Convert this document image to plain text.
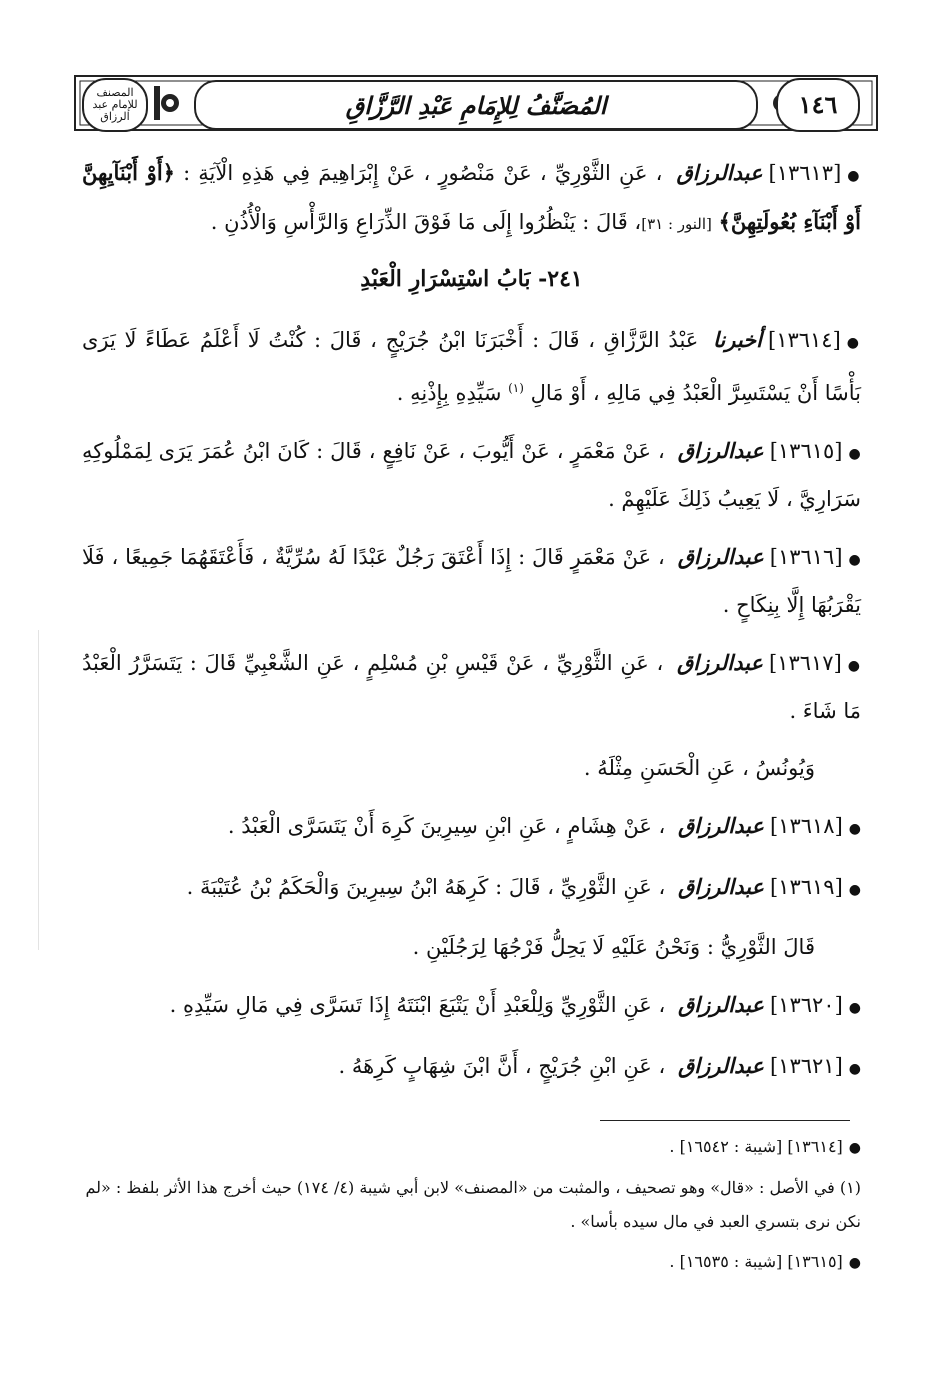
المصنف للإمام عبد الرزاق	المُصَنَّفُ لِلإِمَامِ عَبْدِ الرَّزَّاقِ	١٤٦

●[١٣٦١٣]عبدالرزاق ، عَنِ الثَّوْرِيِّ ، عَنْ مَنْصُورٍ ، عَنْ إِبْرَاهِيمَ فِي هَذِهِ الْآيَةِ : ﴿أَوْ أَبْنَآيِهِنَّ أَوْ أَبْنَآءِ بُعُولَتِهِنَّ﴾ [النور : ٣١]، قَالَ : يَنْظُرُوا إِلَى مَا فَوْقَ الذِّرَاعِ وَالرَّأْسِ وَالْأُذُنِ .

٢٤١- بَابُ اسْتِسْرَارِ الْعَبْدِ

●[١٣٦١٤]أخبرنا عَبْدُ الرَّزَّاقِ ، قَالَ : أَخْبَرَنَا ابْنُ جُرَيْجٍ ، قَالَ : كُنْتُ لَا أَعْلَمُ عَطَاءً لَا يَرَى بَأْسًا أَنْ يَسْتَسِرَّ الْعَبْدُ فِي مَالِهِ ، أَوْ مَالِ $^{(١)}$ سَيِّدِهِ بِإِذْنِهِ .

●[١٣٦١٥]عبدالرزاق ، عَنْ مَعْمَرٍ ، عَنْ أَيُّوبَ ، عَنْ نَافِعٍ ، قَالَ : كَانَ ابْنُ عُمَرَ يَرَى لِمَمْلُوكِهِ سَرَارِيَّ ، لَا يَعِيبُ ذَلِكَ عَلَيْهِمْ .

●[١٣٦١٦]عبدالرزاق ، عَنْ مَعْمَرٍ قَالَ : إِذَا أَعْتَقَ رَجُلٌ عَبْدًا لَهُ سُرِّيَّةٌ ، فَأَعْتَقَهُمَا جَمِيعًا ، فَلَا يَقْرَبُهَا إِلَّا بِنِكَاحٍ .

●[١٣٦١٧]عبدالرزاق ، عَنِ الثَّوْرِيِّ ، عَنْ قَيْسِ بْنِ مُسْلِمٍ ، عَنِ الشَّعْبِيِّ قَالَ : يَتَسَرَّرُ الْعَبْدُ مَا شَاءَ .

وَيُونُسُ ، عَنِ الْحَسَنِ مِثْلَهُ .

●[١٣٦١٨]عبدالرزاق ، عَنْ هِشَامٍ ، عَنِ ابْنِ سِيرِينَ كَرِهَ أَنْ يَتَسَرَّى الْعَبْدُ .

●[١٣٦١٩]عبدالرزاق ، عَنِ الثَّوْرِيِّ ، قَالَ : كَرِهَهُ ابْنُ سِيرِينَ وَالْحَكَمُ بْنُ عُتَيْبَةَ .

قَالَ الثَّوْرِيُّ : وَنَحْنُ عَلَيْهِ لَا يَحِلُّ فَرْجُهَا لِرَجُلَيْنِ .

●[١٣٦٢٠]عبدالرزاق ، عَنِ الثَّوْرِيِّ وَلِلْعَبْدِ أَنْ يَتْبَعَ ابْنَتَهُ إِذَا تَسَرَّى فِي مَالِ سَيِّدِهِ .

●[١٣٦٢١]عبدالرزاق ، عَنِ ابْنِ جُرَيْجٍ ، أَنَّ ابْنَ شِهَابٍ كَرِهَهُ .

●[١٣٦١٤] [شيبة : ١٦٥٤٢] .

(١) في الأصل : «قال» وهو تصحيف ، والمثبت من «المصنف» لابن أبي شيبة (٤/ ١٧٤) حيث أخرج هذا الأثر بلفظ : «لم نكن نرى بتسري العبد في مال سيده بأسا» .

●[١٣٦١٥] [شيبة : ١٦٥٣٥] .
